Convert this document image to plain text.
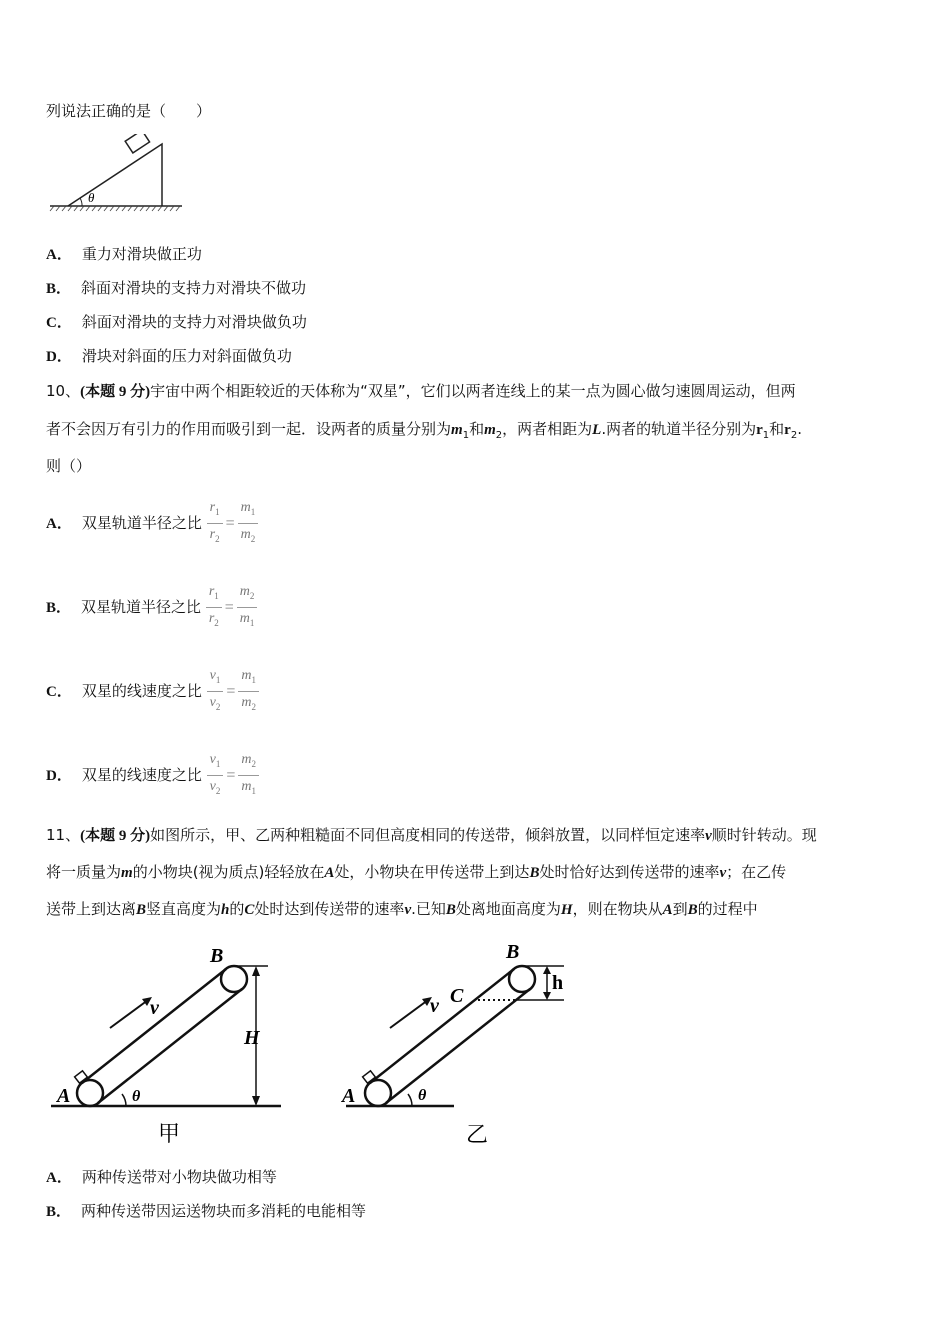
列说法正确的是（　　）
θ
A． 重力对滑块做正功
B． 斜面对滑块的支持力对滑块不做功
C． 斜面对滑块的支持力对滑块做负功
D． 滑块对斜面的压力对斜面做负功
10、(本题 9 分)宇宙中两个相距较近的天体称为“双星”，它们以两者连线上的某一点为圆心做匀速圆周运动，但两
者不会因万有引力的作用而吸引到一起．设两者的质量分别为$m_1$和$m_2$，两者相距为L.两者的轨道半径分别为$r_1$和$r_2$.
则（）
A． 双星轨道半径之比 $\frac{r_1}{r_2} = \frac{m_1}{m_2}$
B． 双星轨道半径之比 $\frac{r_1}{r_2} = \frac{m_2}{m_1}$
C． 双星的线速度之比 $\frac{v_1}{v_2} = \frac{m_1}{m_2}$
D． 双星的线速度之比 $\frac{v_1}{v_2} = \frac{m_2}{m_1}$
11、(本题 9 分)如图所示，甲、乙两种粗糙面不同但高度相同的传送带，倾斜放置，以同样恒定速率v顺时针转动。现
将一质量为m的小物块(视为质点)轻轻放在A处，小物块在甲传送带上到达B处时恰好达到传送带的速率v；在乙传
送带上到达离B竖直高度为h的C处时达到传送带的速率v.已知B处离地面高度为H，则在物块从A到B的过程中
A
B
H
v
θ
甲
A
B
C
h
v
θ
乙
A． 两种传送带对小物块做功相等
B． 两种传送带因运送物块而多消耗的电能相等
